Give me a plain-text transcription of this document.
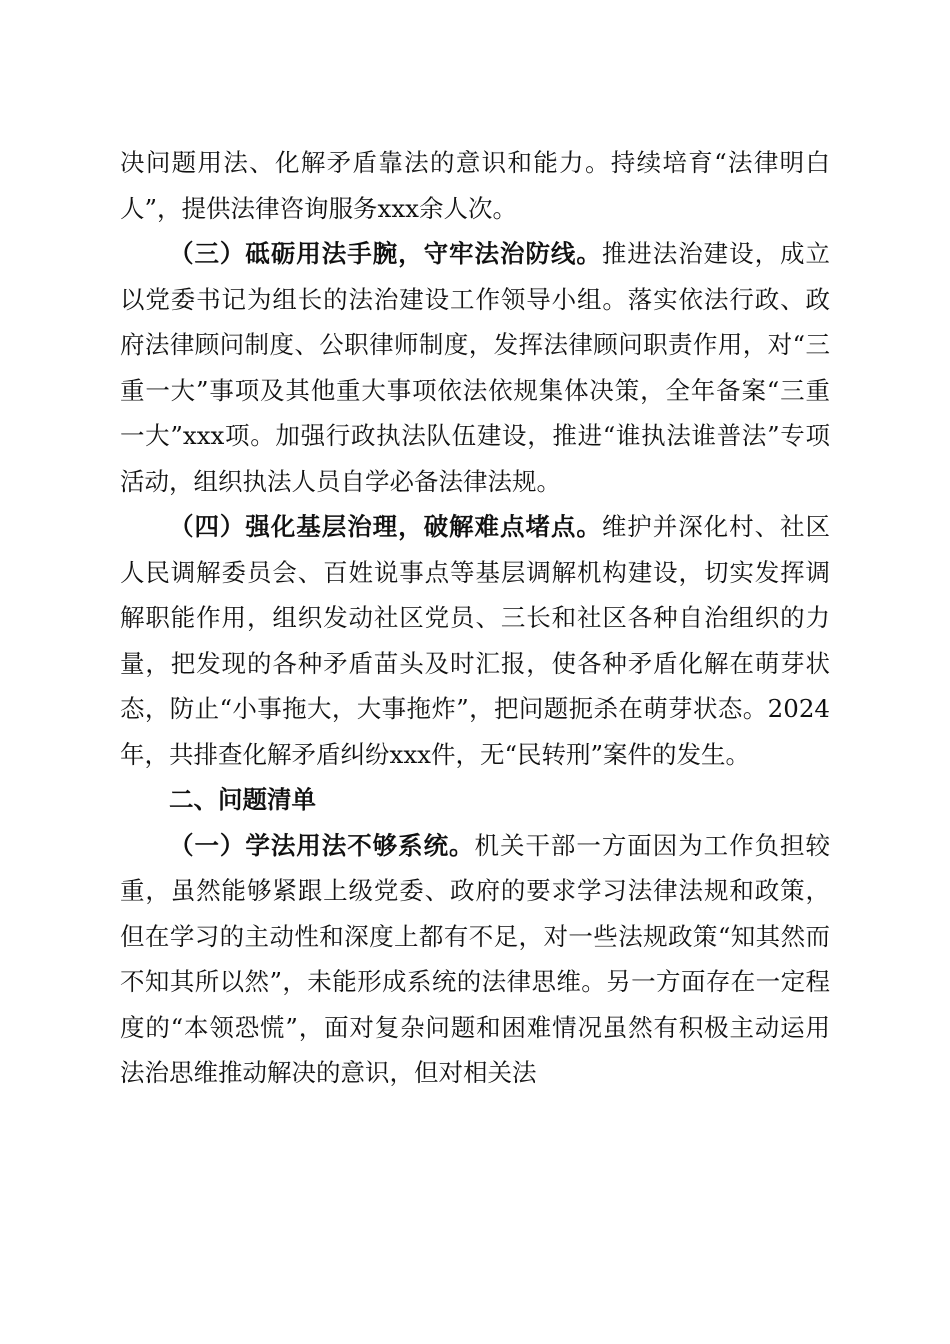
决问题用法、化解矛盾靠法的意识和能力。持续培育“法律明白人”，提供法律咨询服务xxx余人次。

（三）砥砺用法手腕，守牢法治防线。推进法治建设，成立以党委书记为组长的法治建设工作领导小组。落实依法行政、政府法律顾问制度、公职律师制度，发挥法律顾问职责作用，对“三重一大”事项及其他重大事项依法依规集体决策，全年备案“三重一大”xxx项。加强行政执法队伍建设，推进“谁执法谁普法”专项活动，组织执法人员自学必备法律法规。

（四）强化基层治理，破解难点堵点。维护并深化村、社区人民调解委员会、百姓说事点等基层调解机构建设，切实发挥调解职能作用，组织发动社区党员、三长和社区各种自治组织的力量，把发现的各种矛盾苗头及时汇报，使各种矛盾化解在萌芽状态，防止“小事拖大，大事拖炸”，把问题扼杀在萌芽状态。2024年，共排查化解矛盾纠纷xxx件，无“民转刑”案件的发生。

二、问题清单

（一）学法用法不够系统。机关干部一方面因为工作负担较重，虽然能够紧跟上级党委、政府的要求学习法律法规和政策，但在学习的主动性和深度上都有不足，对一些法规政策“知其然而不知其所以然”，未能形成系统的法律思维。另一方面存在一定程度的“本领恐慌”，面对复杂问题和困难情况虽然有积极主动运用法治思维推动解决的意识，但对相关法
